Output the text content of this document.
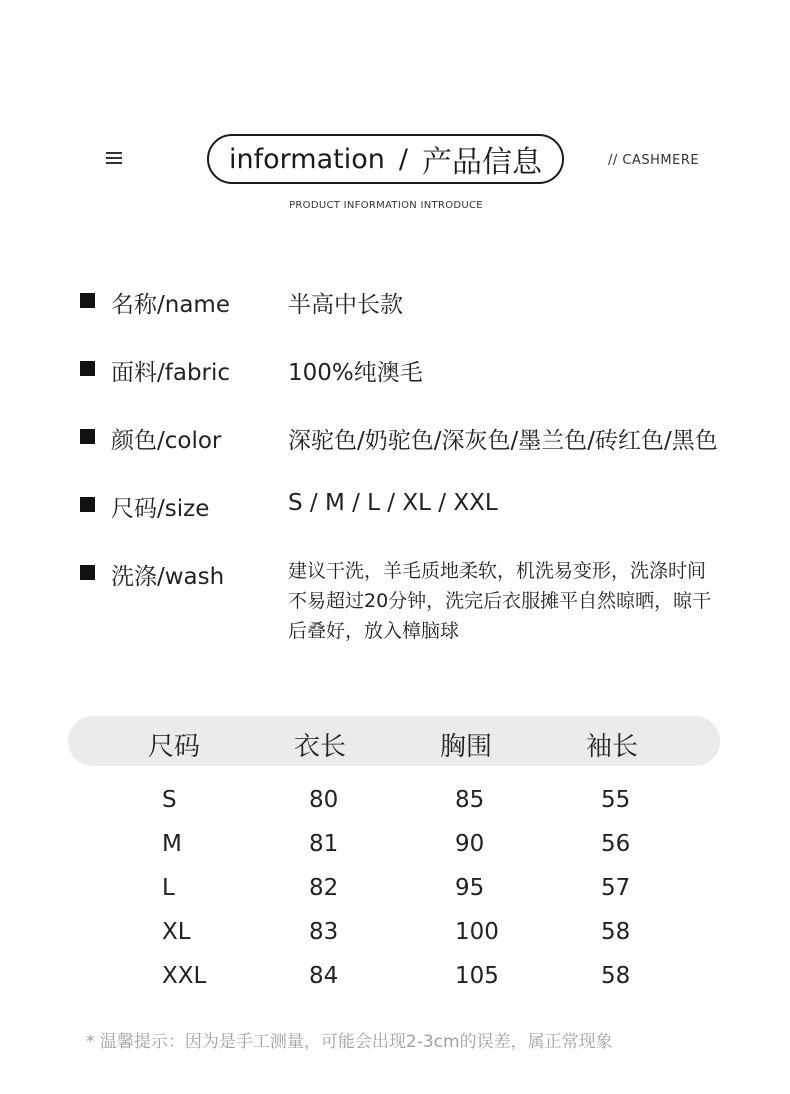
information / 产品信息	// CASHMERE
PRODUCT INFORMATION INTRODUCE
名称/name	半高中长款
面料/fabric	100%纯澳毛
颜色/color	深驼色/奶驼色/深灰色/墨兰色/砖红色/黑色
尺码/size	S / M / L / XL / XXL
洗涤/wash	建议干洗，羊毛质地柔软，机洗易变形，洗涤时间不易超过20分钟，洗完后衣服摊平自然晾晒，晾干后叠好，放入樟脑球
尺码	衣长	胸围	袖长
S	80	85	55
M	81	90	56
L	82	95	57
XL	83	100	58
XXL	84	105	58
* 温馨提示：因为是手工测量，可能会出现2-3cm的误差，属正常现象
